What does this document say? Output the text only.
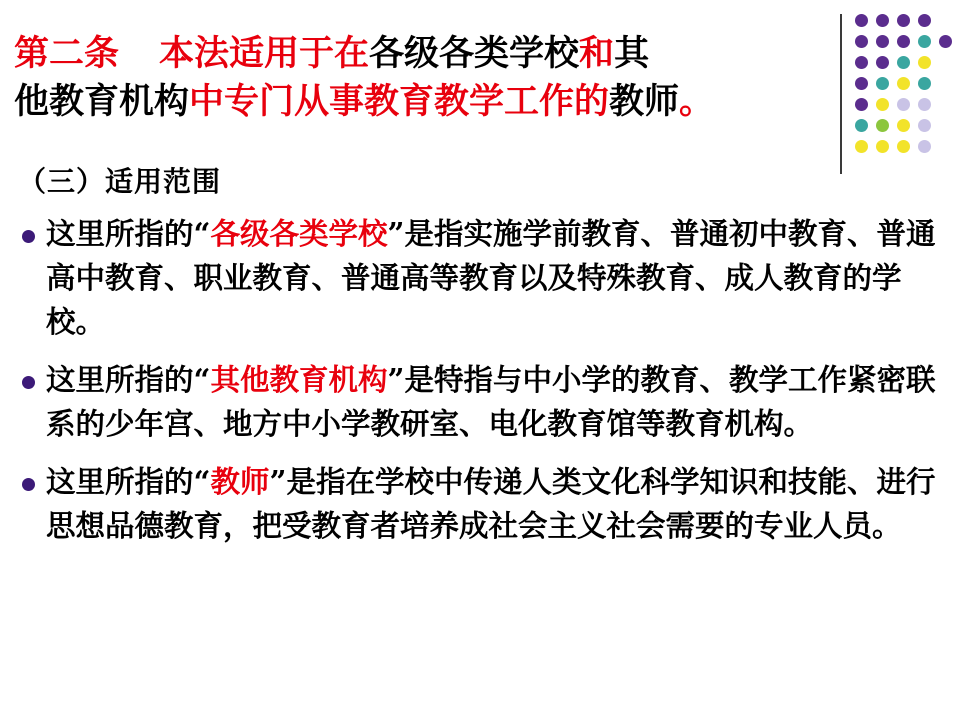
第二条 本法适用于在各级各类学校和其
他教育机构中专门从事教育教学工作的教师。
（三）适用范围
这里所指的“各级各类学校”是指实施学前教育、普通初中教育、普通高中教育、职业教育、普通高等教育以及特殊教育、成人教育的学校。
这里所指的“其他教育机构”是特指与中小学的教育、教学工作紧密联系的少年宫、地方中小学教研室、电化教育馆等教育机构。
这里所指的“教师”是指在学校中传递人类文化科学知识和技能、进行思想品德教育，把受教育者培养成社会主义社会需要的专业人员。
